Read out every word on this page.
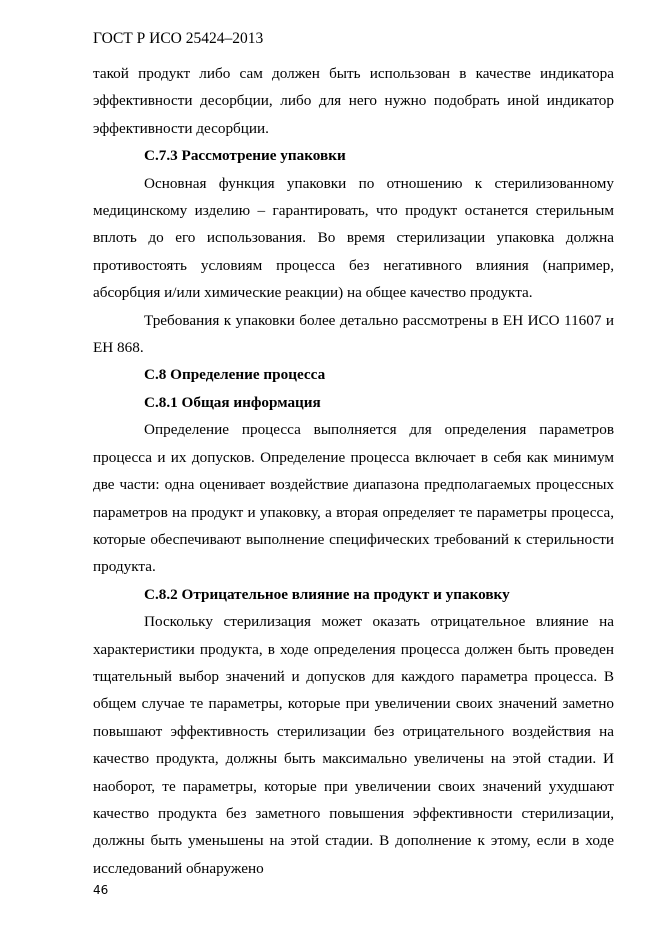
ГОСТ Р ИСО 25424–2013

такой продукт либо сам должен быть использован в качестве индикатора эффективности десорбции, либо для него нужно подобрать иной индикатор эффективности десорбции.

С.7.3 Рассмотрение упаковки

Основная функция упаковки по отношению к стерилизованному медицинскому изделию – гарантировать, что продукт останется стерильным вплоть до его использования. Во время стерилизации упаковка должна противостоять условиям процесса без негативного влияния (например, абсорбция и/или химические реакции) на общее качество продукта.

Требования к упаковки более детально рассмотрены в ЕН ИСО 11607 и ЕН 868.

С.8 Определение процесса

С.8.1 Общая информация

Определение процесса выполняется для определения параметров процесса и их допусков. Определение процесса включает в себя как минимум две части: одна оценивает воздействие диапазона предполагаемых процессных параметров на продукт и упаковку, а вторая определяет те параметры процесса, которые обеспечивают выполнение специфических требований к стерильности продукта.

С.8.2 Отрицательное влияние на продукт и упаковку

Поскольку стерилизация может оказать отрицательное влияние на характеристики продукта, в ходе определения процесса должен быть проведен тщательный выбор значений и допусков для каждого параметра процесса. В общем случае те параметры, которые при увеличении своих значений заметно повышают эффективность стерилизации без отрицательного воздействия на качество продукта, должны быть максимально увеличены на этой стадии. И наоборот, те параметры, которые при увеличении своих значений ухудшают качество продукта без заметного повышения эффективности стерилизации, должны быть уменьшены на этой стадии. В дополнение к этому, если в ходе исследований обнаружено

46
